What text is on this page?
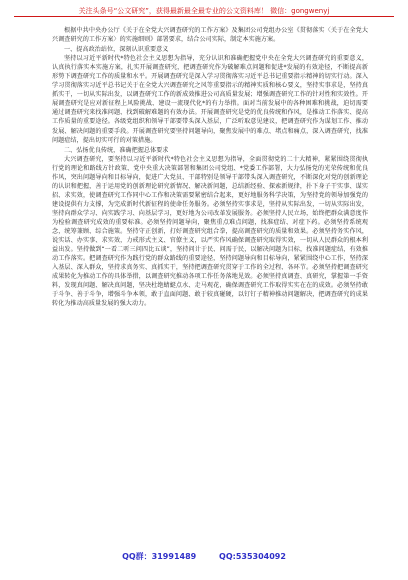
关注头条号“公文研究”，获得最新最全最专业的公文资料库！ 微信：gongwenyj

根据中共中央办公厅《关于在全党大兴调查研究的工作方案》及集团公司党组办公室《贯彻落实〈关于在全党大兴调查研究的工作方案〉的实施细则》部署要求，结合公司实际，制定本实施方案。

一、提高政治站位，深刻认识重要意义

坚持以习近平新时代*特色社会主义思想为指导，充分认识和准确把握党中央在全党大兴调查研究的重要意义，认真执行落实本实施方案，扎实开展调查研究，把调查研究作为破解难点问题和促进*发展的有效途径，不断提高新形势下调查研究工作的质量和水平。开展调查研究是深入学习贯彻落实习近平总书记重要指示精神的切实行动。深入学习贯彻落实习近平总书记关于在全党大兴调查研究之风等重要指示的精神实质和核心要义，坚持实事求是，坚持真抓实干，一切从实际出发，以调查研究工作的新成效推进公司高质量发展；增强调查研究工作的针对性和实效性。开展调查研究是应对新征程上风险挑战、建设一流现代化*的有力举措。面对当前发展中的各种困难和挑战，迫切需要通过调查研究来找准问题、找到破解难题的有效办法。开展调查研究是党的优良传统和作风，是推动工作落实、提高工作质量的重要途径。各级党组织和领导干部要带头深入基层，广泛听取意见建议，把调查研究作为谋划工作、推动发展、解决问题的重要手段。开展调查研究要坚持问题导向，聚焦发展中的难点、堵点和痛点，深入调查研究，找准问题症结，提出切实可行的对策措施。

二、弘扬优良传统，准确把握总体要求

大兴调查研究，要坚持以习近平新时代*特色社会主义思想为指导，全面贯彻党的二十大精神，紧紧围绕贯彻执行党的理论和路线方针政策、党中央重大决策部署和集团公司党组、*党委工作部署，大力弘扬党的光荣传统和优良作风，突出问题导向和目标导向，促进广大党员、干部特别是领导干部带头深入调查研究，不断深化对党的创新理论的认识和把握，善于运用党的创新理论研究新情况、解决新问题，总结新经验、探索新规律，扑下身子干实事、谋实招、求实效，使调查研究工作同中心工作和决策需要紧密结合起来，更好地服务科学决策，为坚持党的领导加强党的建设提供有力支撑，为完成新时代新征程的使命任务服务。必须坚持实事求是，坚持从实际出发，一切从实际出发，坚持向群众学习、向实践学习、向基层学习，更好地为公司改革发展服务。必须坚持人民立场，始终把群众满意度作为检验调查研究成效的重要标准。必须坚持问题导向，聚焦重点难点问题，找准症结、对症下药。必须坚持系统观念，统筹兼顾、综合施策。坚持守正创新，打好调查研究组合拳，提高调查研究的质量和效果。必须坚持务实作风，说实话、办实事、求实效，力戒形式主义、官僚主义，以严实作风确保调查研究取得实效，一切从人民群众的根本利益出发。坚持做到“一看二听三问四比五谈”，坚持问计于民、问需于民，以解决问题为目标，找准问题症结，有效推动工作落实。把调查研究作为践行党的群众路线的重要途径，坚持问题导向和目标导向，紧紧围绕中心工作，坚持深入基层、深入群众，坚持求真务实、真抓实干，坚持把调查研究贯穿于工作的全过程、各环节。必须坚持把调查研究成果转化为推动工作的具体举措，以调查研究推动各项工作任务落地见效。必须坚持真调查、真研究，掌握第一手资料，发现真问题、解决真问题，坚决杜绝蜻蜓点水、走马观花，确保调查研究工作取得实实在在的成效。必须坚持敢于斗争、善于斗争，增强斗争本领，敢于直面问题、敢于较真碰硬，以钉钉子精神推动问题解决，把调查研究的成果转化为推动高质量发展的强大动力。

QQ群：31991489	QQ:535304092
